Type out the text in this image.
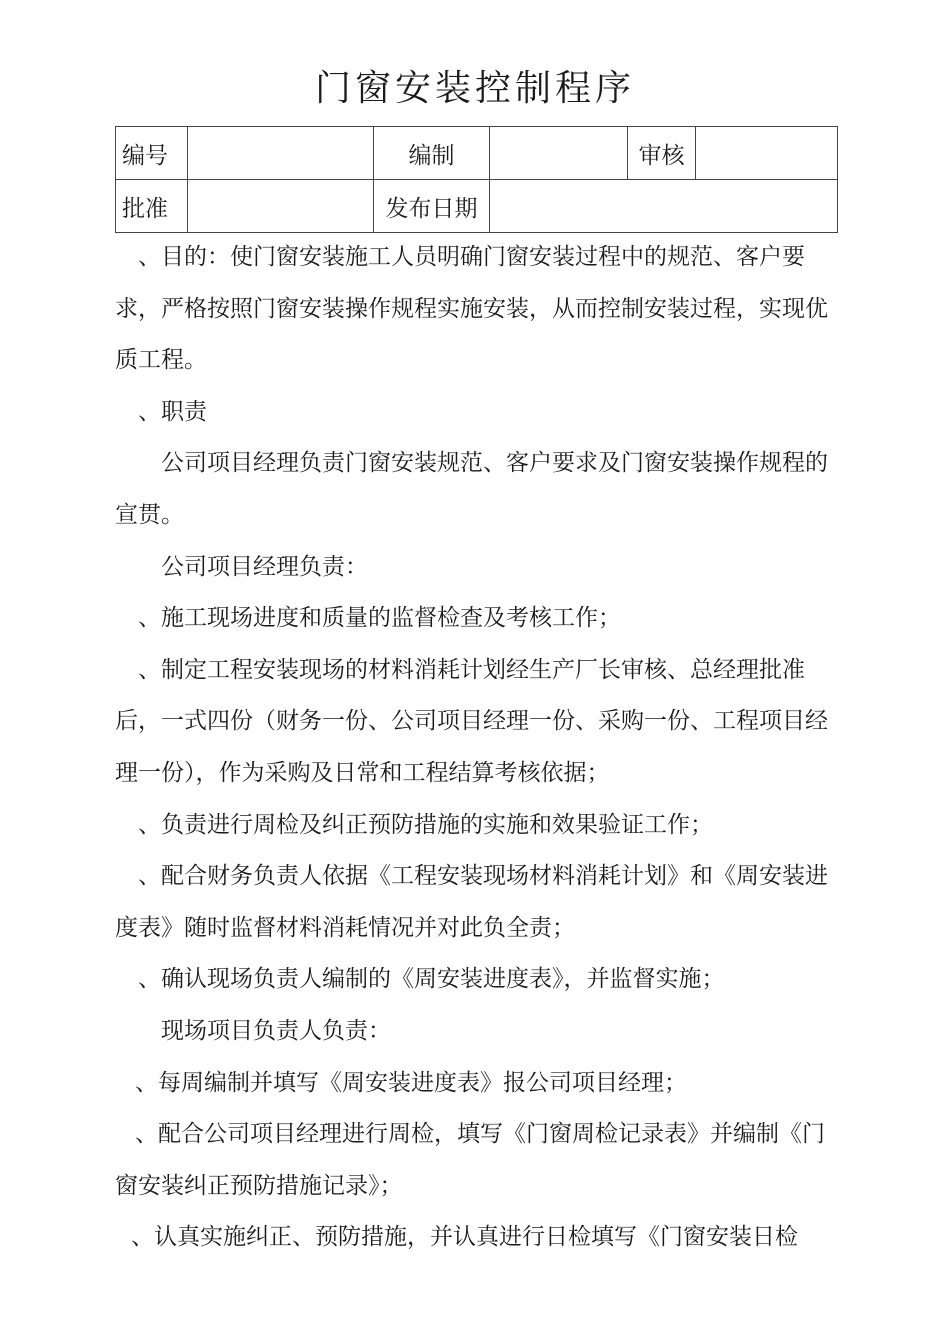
门窗安装控制程序
编号		编制		审核	
批准		发布日期			

、目的：使门窗安装施工人员明确门窗安装过程中的规范、客户要求，严格按照门窗安装操作规程实施安装，从而控制安装过程，实现优质工程。

、职责

公司项目经理负责门窗安装规范、客户要求及门窗安装操作规程的宣贯。

公司项目经理负责：

、施工现场进度和质量的监督检查及考核工作；

、制定工程安装现场的材料消耗计划经生产厂长审核、总经理批准后，一式四份（财务一份、公司项目经理一份、采购一份、工程项目经理一份），作为采购及日常和工程结算考核依据；

、负责进行周检及纠正预防措施的实施和效果验证工作；

、配合财务负责人依据《工程安装现场材料消耗计划》和《周安装进度表》随时监督材料消耗情况并对此负全责；

、确认现场负责人编制的《周安装进度表》，并监督实施；

现场项目负责人负责：

、每周编制并填写《周安装进度表》报公司项目经理；

、配合公司项目经理进行周检，填写《门窗周检记录表》并编制《门窗安装纠正预防措施记录》；

、认真实施纠正、预防措施，并认真进行日检填写《门窗安装日检
